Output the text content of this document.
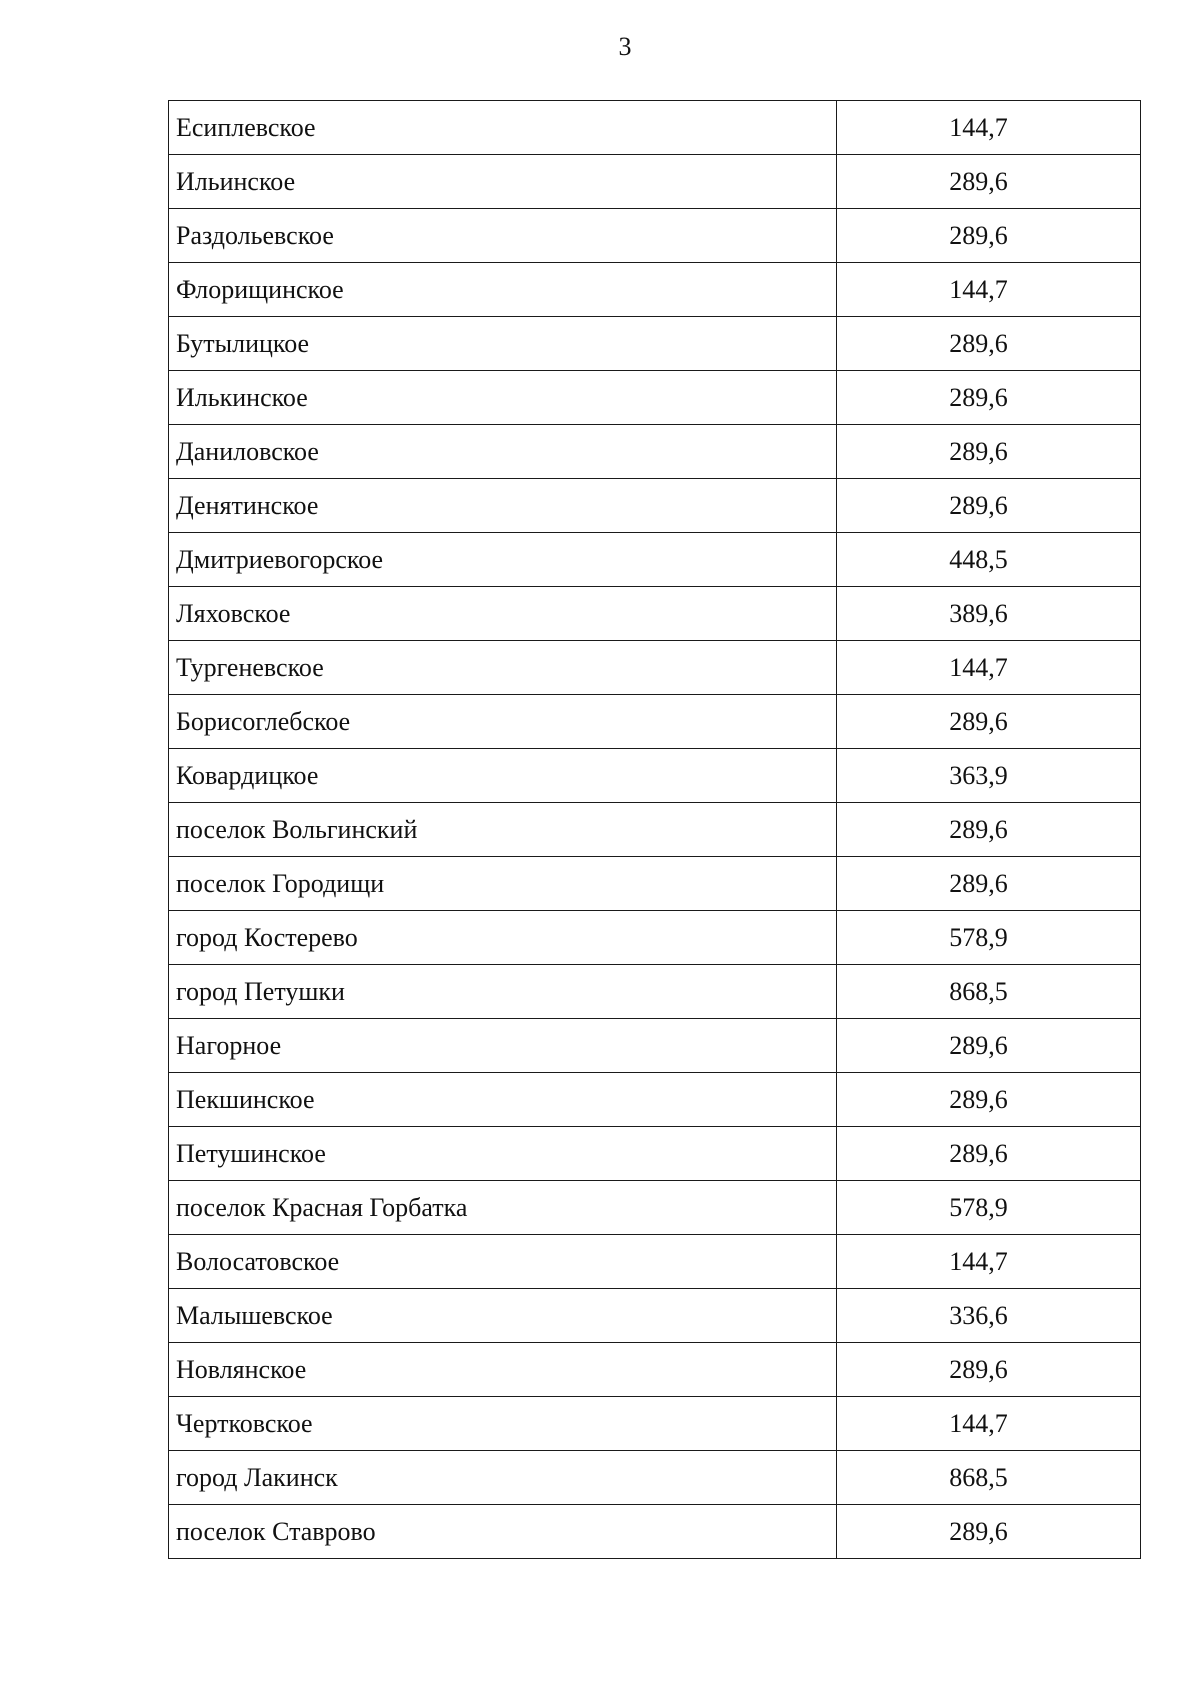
3
Есиплевское	144,7
Ильинское	289,6
Раздольевское	289,6
Флорищинское	144,7
Бутылицкое	289,6
Илькинское	289,6
Даниловское	289,6
Денятинское	289,6
Дмитриевогорское	448,5
Ляховское	389,6
Тургеневское	144,7
Борисоглебское	289,6
Ковардицкое	363,9
поселок Вольгинский	289,6
поселок Городищи	289,6
город Костерево	578,9
город Петушки	868,5
Нагорное	289,6
Пекшинское	289,6
Петушинское	289,6
поселок Красная Горбатка	578,9
Волосатовское	144,7
Малышевское	336,6
Новлянское	289,6
Чертковское	144,7
город Лакинск	868,5
поселок Ставрово	289,6
